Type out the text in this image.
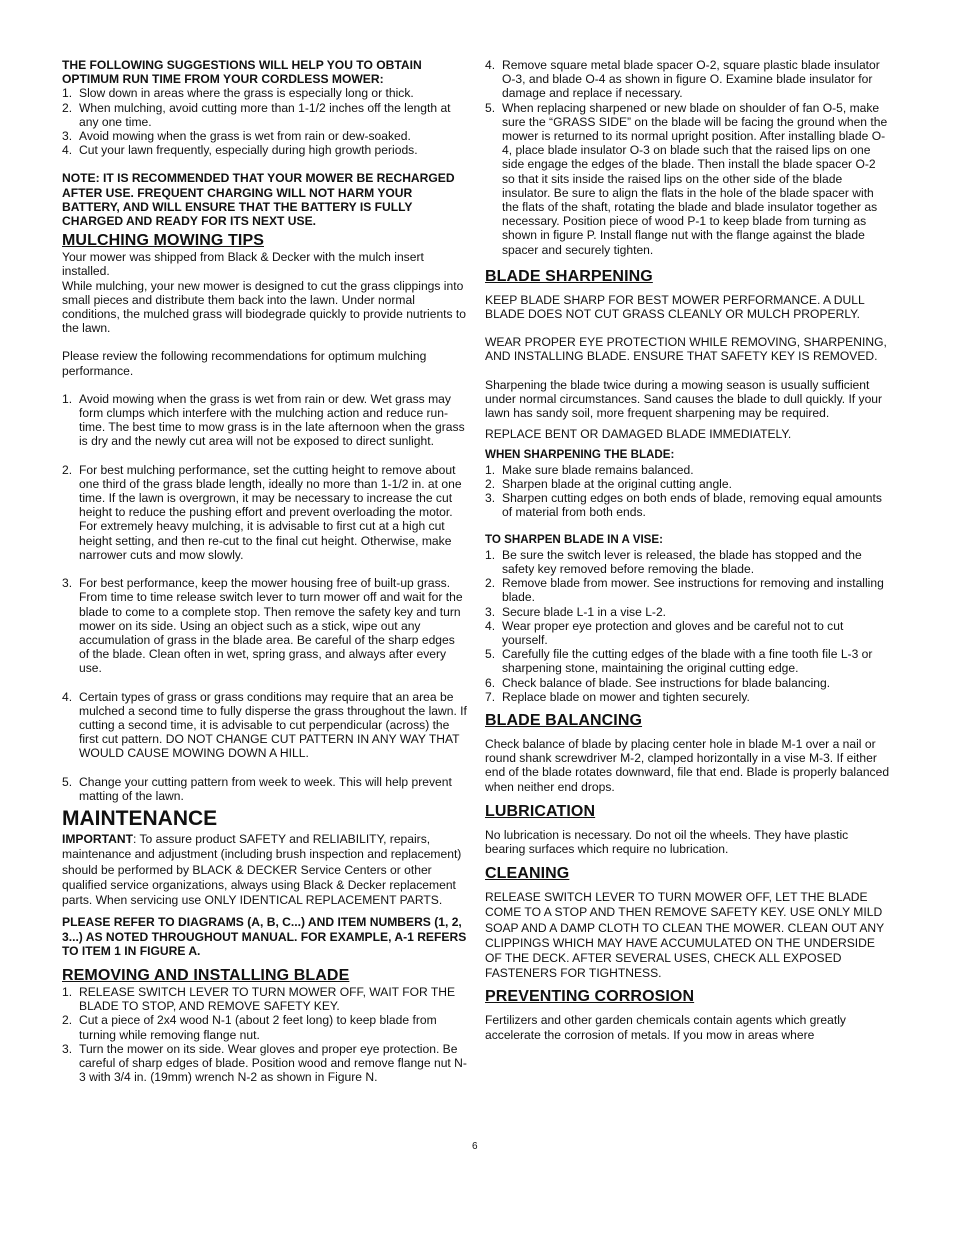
THE FOLLOWING SUGGESTIONS WILL HELP YOU TO OBTAIN OPTIMUM RUN TIME FROM YOUR CORDLESS MOWER:

1. Slow down in areas where the grass is especially long or thick.
2. When mulching, avoid cutting more than 1-1/2 inches off the length at any one time.
3. Avoid mowing when the grass is wet from rain or dew-soaked.
4. Cut your lawn frequently, especially during high growth periods.

NOTE: IT IS RECOMMENDED THAT YOUR MOWER BE RECHARGED AFTER USE. FREQUENT CHARGING WILL NOT HARM YOUR BATTERY, AND WILL ENSURE THAT THE BATTERY IS FULLY CHARGED AND READY FOR ITS NEXT USE.

MULCHING MOWING TIPS

Your mower was shipped from Black & Decker with the mulch insert installed.

While mulching, your new mower is designed to cut the grass clippings into small pieces and distribute them back into the lawn. Under normal conditions, the mulched grass will biodegrade quickly to provide nutrients to the lawn.

Please review the following recommendations for optimum mulching performance.

1. Avoid mowing when the grass is wet from rain or dew. Wet grass may form clumps which interfere with the mulching action and reduce run-time. The best time to mow grass is in the late afternoon when the grass is dry and the newly cut area will not be exposed to direct sunlight.
2. For best mulching performance, set the cutting height to remove about one third of the grass blade length, ideally no more than 1-1/2 in. at one time. If the lawn is overgrown, it may be necessary to increase the cut height to reduce the pushing effort and prevent overloading the motor. For extremely heavy mulching, it is advisable to first cut at a high cut height setting, and then re-cut to the final cut height. Otherwise, make narrower cuts and mow slowly.
3. For best performance, keep the mower housing free of built-up grass. From time to time release switch lever to turn mower off and wait for the blade to come to a complete stop. Then remove the safety key and turn mower on its side. Using an object such as a stick, wipe out any accumulation of grass in the blade area. Be careful of the sharp edges of the blade. Clean often in wet, spring grass, and always after every use.
4. Certain types of grass or grass conditions may require that an area be mulched a second time to fully disperse the grass throughout the lawn. If cutting a second time, it is advisable to cut perpendicular (across) the first cut pattern. DO NOT CHANGE CUT PATTERN IN ANY WAY THAT WOULD CAUSE MOWING DOWN A HILL.
5. Change your cutting pattern from week to week. This will help prevent matting of the lawn.
MAINTENANCE

IMPORTANT: To assure product SAFETY and RELIABILITY, repairs, maintenance and adjustment (including brush inspection and replacement) should be performed by BLACK & DECKER Service Centers or other qualified service organizations, always using Black & Decker replacement parts. When servicing use ONLY IDENTICAL REPLACEMENT PARTS.

PLEASE REFER TO DIAGRAMS (A, B, C...) AND ITEM NUMBERS (1, 2, 3...) AS NOTED THROUGHOUT MANUAL. FOR EXAMPLE, A-1 REFERS TO ITEM 1 IN FIGURE A.

REMOVING AND INSTALLING BLADE
1. RELEASE SWITCH LEVER TO TURN MOWER OFF, WAIT FOR THE BLADE TO STOP, AND REMOVE SAFETY KEY.
2. Cut a piece of 2x4 wood N-1 (about 2 feet long) to keep blade from turning while removing flange nut.
3. Turn the mower on its side. Wear gloves and proper eye protection. Be careful of sharp edges of blade. Position wood and remove flange nut N-3 with 3/4 in. (19mm) wrench N-2 as shown in Figure N.
4. Remove square metal blade spacer O-2, square plastic blade insulator O-3, and blade O-4 as shown in figure O. Examine blade insulator for damage and replace if necessary.
5. When replacing sharpened or new blade on shoulder of fan O-5, make sure the “GRASS SIDE” on the blade will be facing the ground when the mower is returned to its normal upright position. After installing blade O-4, place blade insulator O-3 on blade such that the raised lips on one side engage the edges of the blade. Then install the blade spacer O-2 so that it sits inside the raised lips on the other side of the blade insulator. Be sure to align the flats in the hole of the blade spacer with the flats of the shaft, rotating the blade and blade insulator together as necessary. Position piece of wood P-1 to keep blade from turning as shown in figure P. Install flange nut with the flange against the blade spacer and securely tighten.
BLADE SHARPENING

KEEP BLADE SHARP FOR BEST MOWER PERFORMANCE. A DULL BLADE DOES NOT CUT GRASS CLEANLY OR MULCH PROPERLY.

WEAR PROPER EYE PROTECTION WHILE REMOVING, SHARPENING, AND INSTALLING BLADE. ENSURE THAT SAFETY KEY IS REMOVED.

Sharpening the blade twice during a mowing season is usually sufficient under normal circumstances. Sand causes the blade to dull quickly. If your lawn has sandy soil, more frequent sharpening may be required.

REPLACE BENT OR DAMAGED BLADE IMMEDIATELY.

WHEN SHARPENING THE BLADE:

1. Make sure blade remains balanced.
2. Sharpen blade at the original cutting angle.
3. Sharpen cutting edges on both ends of blade, removing equal amounts of material from both ends.

TO SHARPEN BLADE IN A VISE:

1. Be sure the switch lever is released, the blade has stopped and the safety key removed before removing the blade.
2. Remove blade from mower. See instructions for removing and installing blade.
3. Secure blade L-1 in a vise L-2.
4. Wear proper eye protection and gloves and be careful not to cut yourself.
5. Carefully file the cutting edges of the blade with a fine tooth file L-3 or sharpening stone, maintaining the original cutting edge.
6. Check balance of blade. See instructions for blade balancing.
7. Replace blade on mower and tighten securely.
BLADE BALANCING

Check balance of blade by placing center hole in blade M-1 over a nail or round shank screwdriver M-2, clamped horizontally in a vise M-3. If either end of the blade rotates downward, file that end. Blade is properly balanced when neither end drops.

LUBRICATION

No lubrication is necessary. Do not oil the wheels. They have plastic bearing surfaces which require no lubrication.

CLEANING

RELEASE SWITCH LEVER TO TURN MOWER OFF, LET THE BLADE COME TO A STOP AND THEN REMOVE SAFETY KEY. USE ONLY MILD SOAP AND A DAMP CLOTH TO CLEAN THE MOWER. CLEAN OUT ANY CLIPPINGS WHICH MAY HAVE ACCUMULATED ON THE UNDERSIDE OF THE DECK. AFTER SEVERAL USES, CHECK ALL EXPOSED FASTENERS FOR TIGHTNESS.

PREVENTING CORROSION

Fertilizers and other garden chemicals contain agents which greatly accelerate the corrosion of metals. If you mow in areas where

6
